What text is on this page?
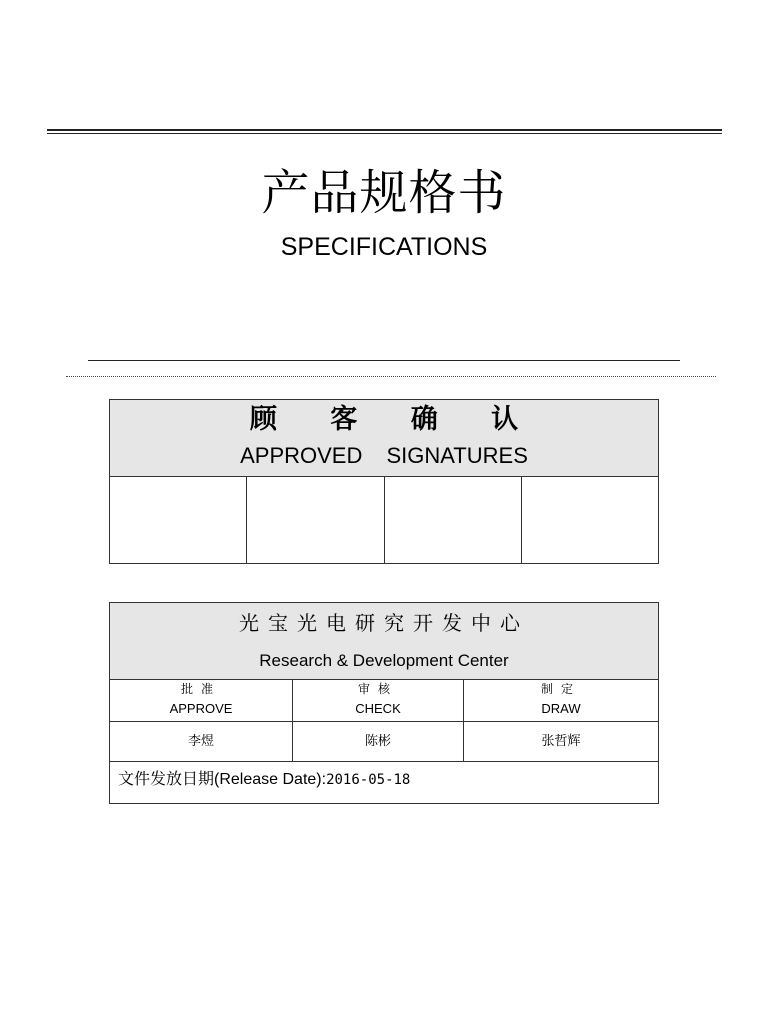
产品规格书
SPECIFICATIONS
顾 客 确 认
APPROVED SIGNATURES
光宝光电研究开发中心
Research & Development Center
批准
APPROVE
审核
CHECK
制定
DRAW
李煜	陈彬	张哲辉
文件发放日期(Release Date):2016-05-18
